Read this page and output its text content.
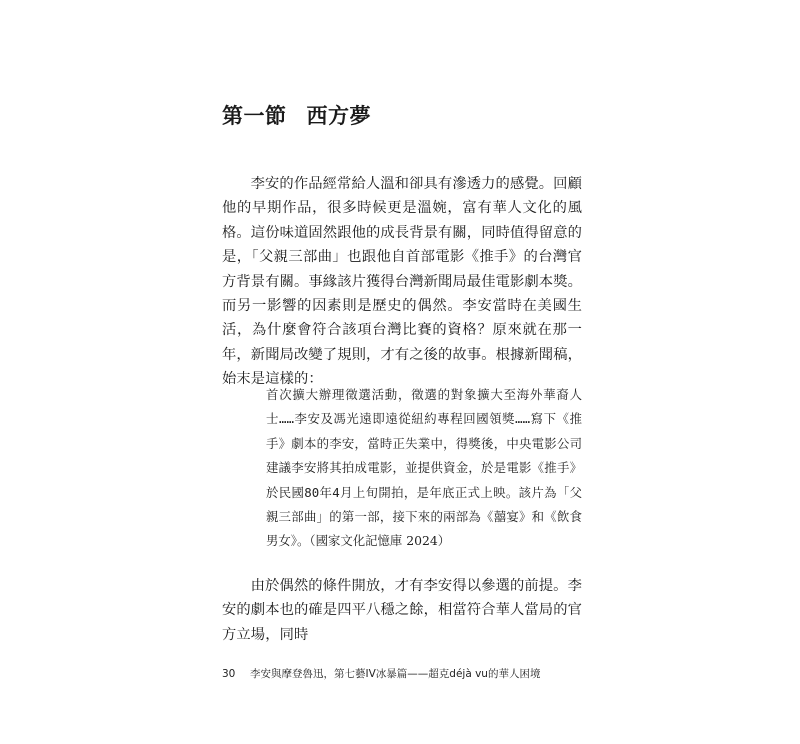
第一節 西方夢

李安的作品經常給人溫和卻具有滲透力的感覺。回顧他的早期作品，很多時候更是溫婉，富有華人文化的風格。這份味道固然跟他的成長背景有關，同時值得留意的是，「父親三部曲」也跟他自首部電影《推手》的台灣官方背景有關。事緣該片獲得台灣新聞局最佳電影劇本獎。而另一影響的因素則是歷史的偶然。李安當時在美國生活，為什麼會符合該項台灣比賽的資格？原來就在那一年，新聞局改變了規則，才有之後的故事。根據新聞稿，始末是這樣的：

首次擴大辦理徵選活動，徵選的對象擴大至海外華裔人士……李安及馮光遠即遠從紐約專程回國領獎……寫下《推手》劇本的李安，當時正失業中，得獎後，中央電影公司建議李安將其拍成電影，並提供資金，於是電影《推手》於民國80年4月上旬開拍，是年底正式上映。該片為「父親三部曲」的第一部，接下來的兩部為《囍宴》和《飲食男女》。（國家文化記憶庫 2024）

由於偶然的條件開放，才有李安得以參選的前提。李安的劇本也的確是四平八穩之餘，相當符合華人當局的官方立場，同時

30 李安與摩登魯迅，第七藝IV冰暴篇——超克déjà vu的華人困境
